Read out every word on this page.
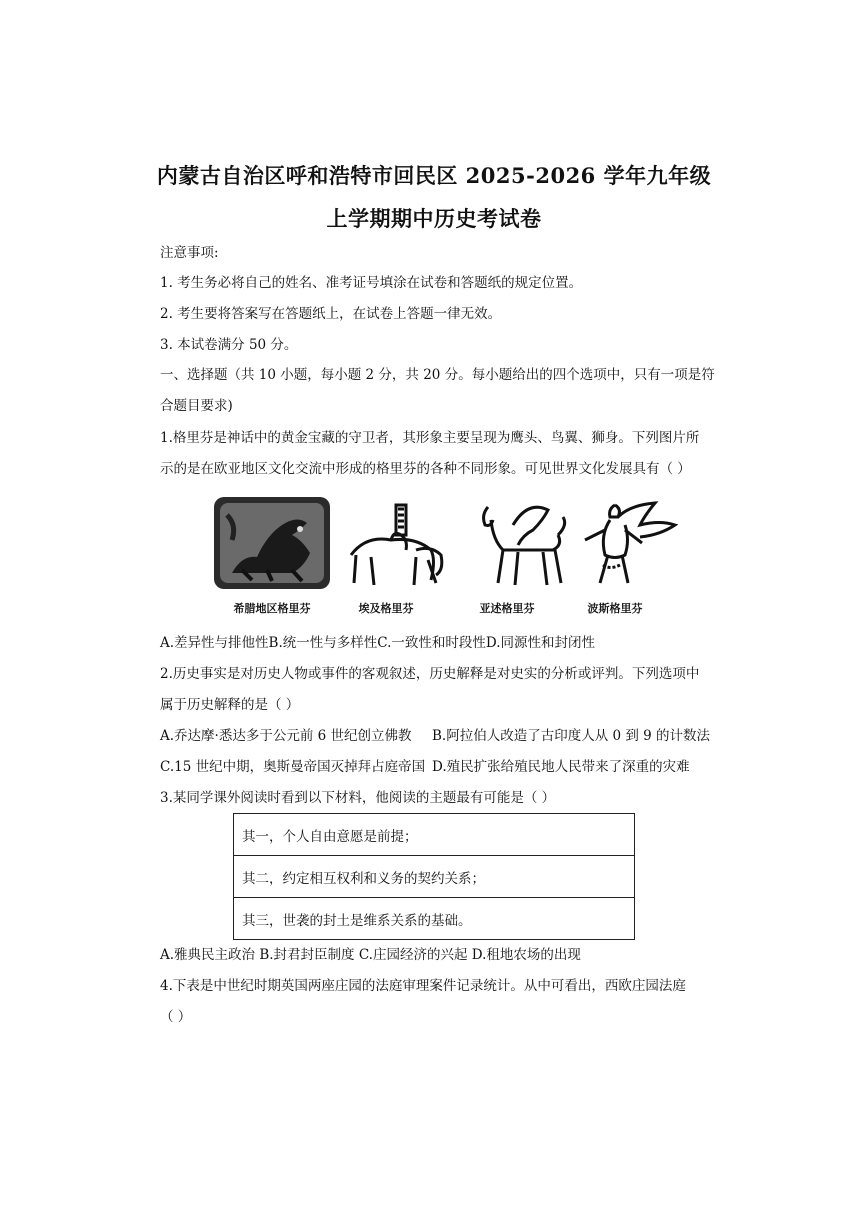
内蒙古自治区呼和浩特市回民区 2025-2026 学年九年级
上学期期中历史考试卷
注意事项:
1. 考生务必将自己的姓名、准考证号填涂在试卷和答题纸的规定位置。
2. 考生要将答案写在答题纸上，在试卷上答题一律无效。
3. 本试卷满分 50 分。
一、选择题（共 10 小题，每小题 2 分，共 20 分。每小题给出的四个选项中，只有一项是符
合题目要求)
1.格里芬是神话中的黄金宝藏的守卫者，其形象主要呈现为鹰头、鸟翼、狮身。下列图片所
示的是在欧亚地区文化交流中形成的格里芬的各种不同形象。可见世界文化发展具有（ ）
希腊地区格里芬	埃及格里芬	亚述格里芬	波斯格里芬
A.差异性与排他性B.统一性与多样性C.一致性和时段性D.同源性和封闭性
2.历史事实是对历史人物或事件的客观叙述，历史解释是对史实的分析或评判。下列选项中
属于历史解释的是（ ）
A.乔达摩·悉达多于公元前 6 世纪创立佛教 B.阿拉伯人改造了古印度人从 0 到 9 的计数法
C.15 世纪中期，奥斯曼帝国灭掉拜占庭帝国 D.殖民扩张给殖民地人民带来了深重的灾难
3.某同学课外阅读时看到以下材料，他阅读的主题最有可能是（ ）
其一，个人自由意愿是前提；
其二，约定相互权利和义务的契约关系；
其三，世袭的封土是维系关系的基础。
A.雅典民主政治 B.封君封臣制度 C.庄园经济的兴起 D.租地农场的出现
4.下表是中世纪时期英国两座庄园的法庭审理案件记录统计。从中可看出，西欧庄园法庭
（ ）
